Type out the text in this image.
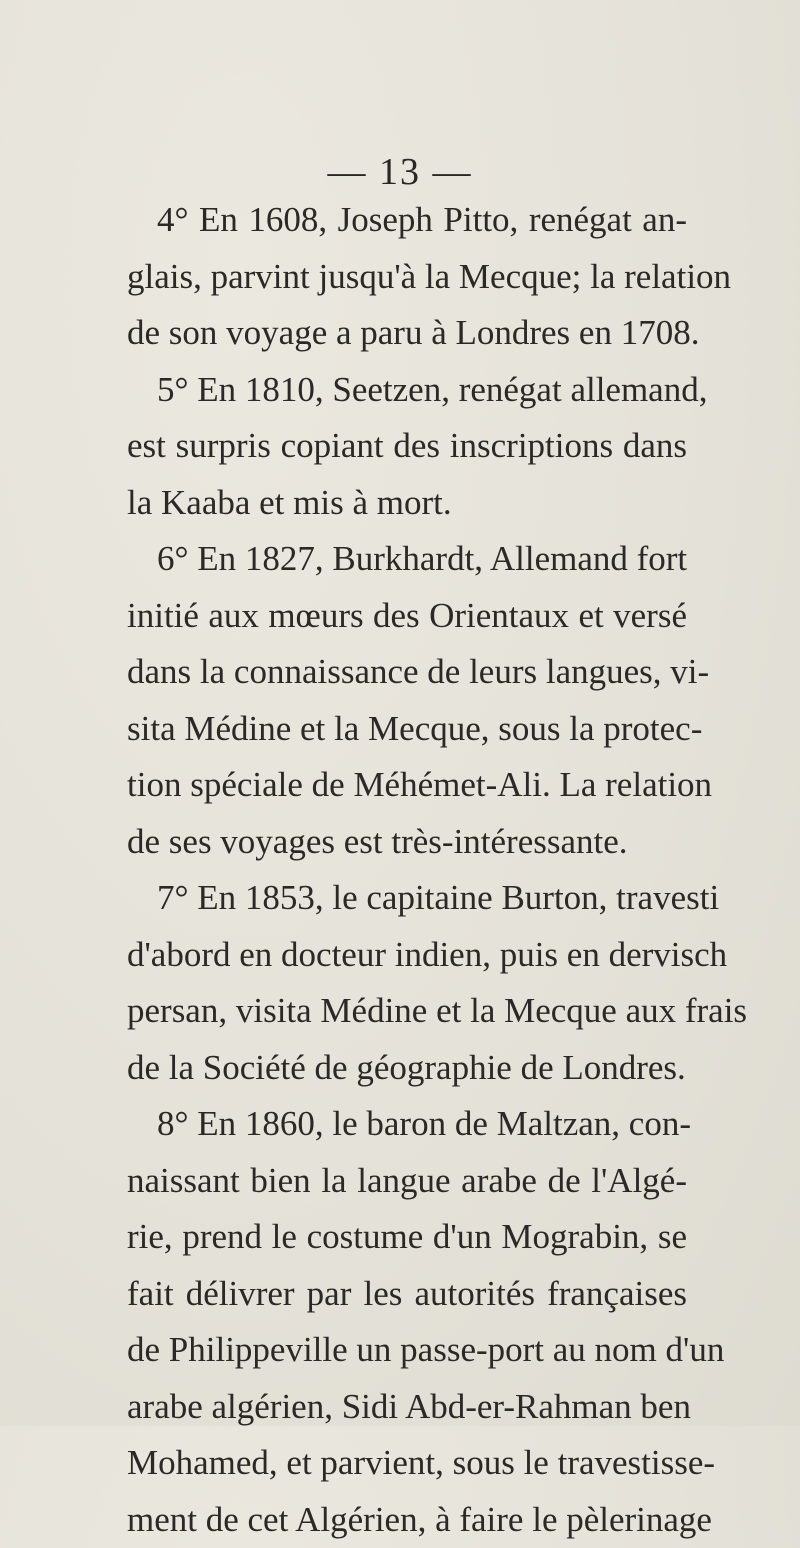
— 13 —
4° En 1608, Joseph Pitto, renégat an-
glais, parvint jusqu'à la Mecque; la relation
de son voyage a paru à Londres en 1708.
5° En 1810, Seetzen, renégat allemand,
est surpris copiant des inscriptions dans
la Kaaba et mis à mort.
6° En 1827, Burkhardt, Allemand fort
initié aux mœurs des Orientaux et versé
dans la connaissance de leurs langues, vi-
sita Médine et la Mecque, sous la protec-
tion spéciale de Méhémet-Ali. La relation
de ses voyages est très-intéressante.
7° En 1853, le capitaine Burton, travesti
d'abord en docteur indien, puis en dervisch
persan, visita Médine et la Mecque aux frais
de la Société de géographie de Londres.
8° En 1860, le baron de Maltzan, con-
naissant bien la langue arabe de l'Algé-
rie, prend le costume d'un Mograbin, se
fait délivrer par les autorités françaises
de Philippeville un passe-port au nom d'un
arabe algérien, Sidi Abd-er-Rahman ben
Mohamed, et parvient, sous le travestisse-
ment de cet Algérien, à faire le pèlerinage
